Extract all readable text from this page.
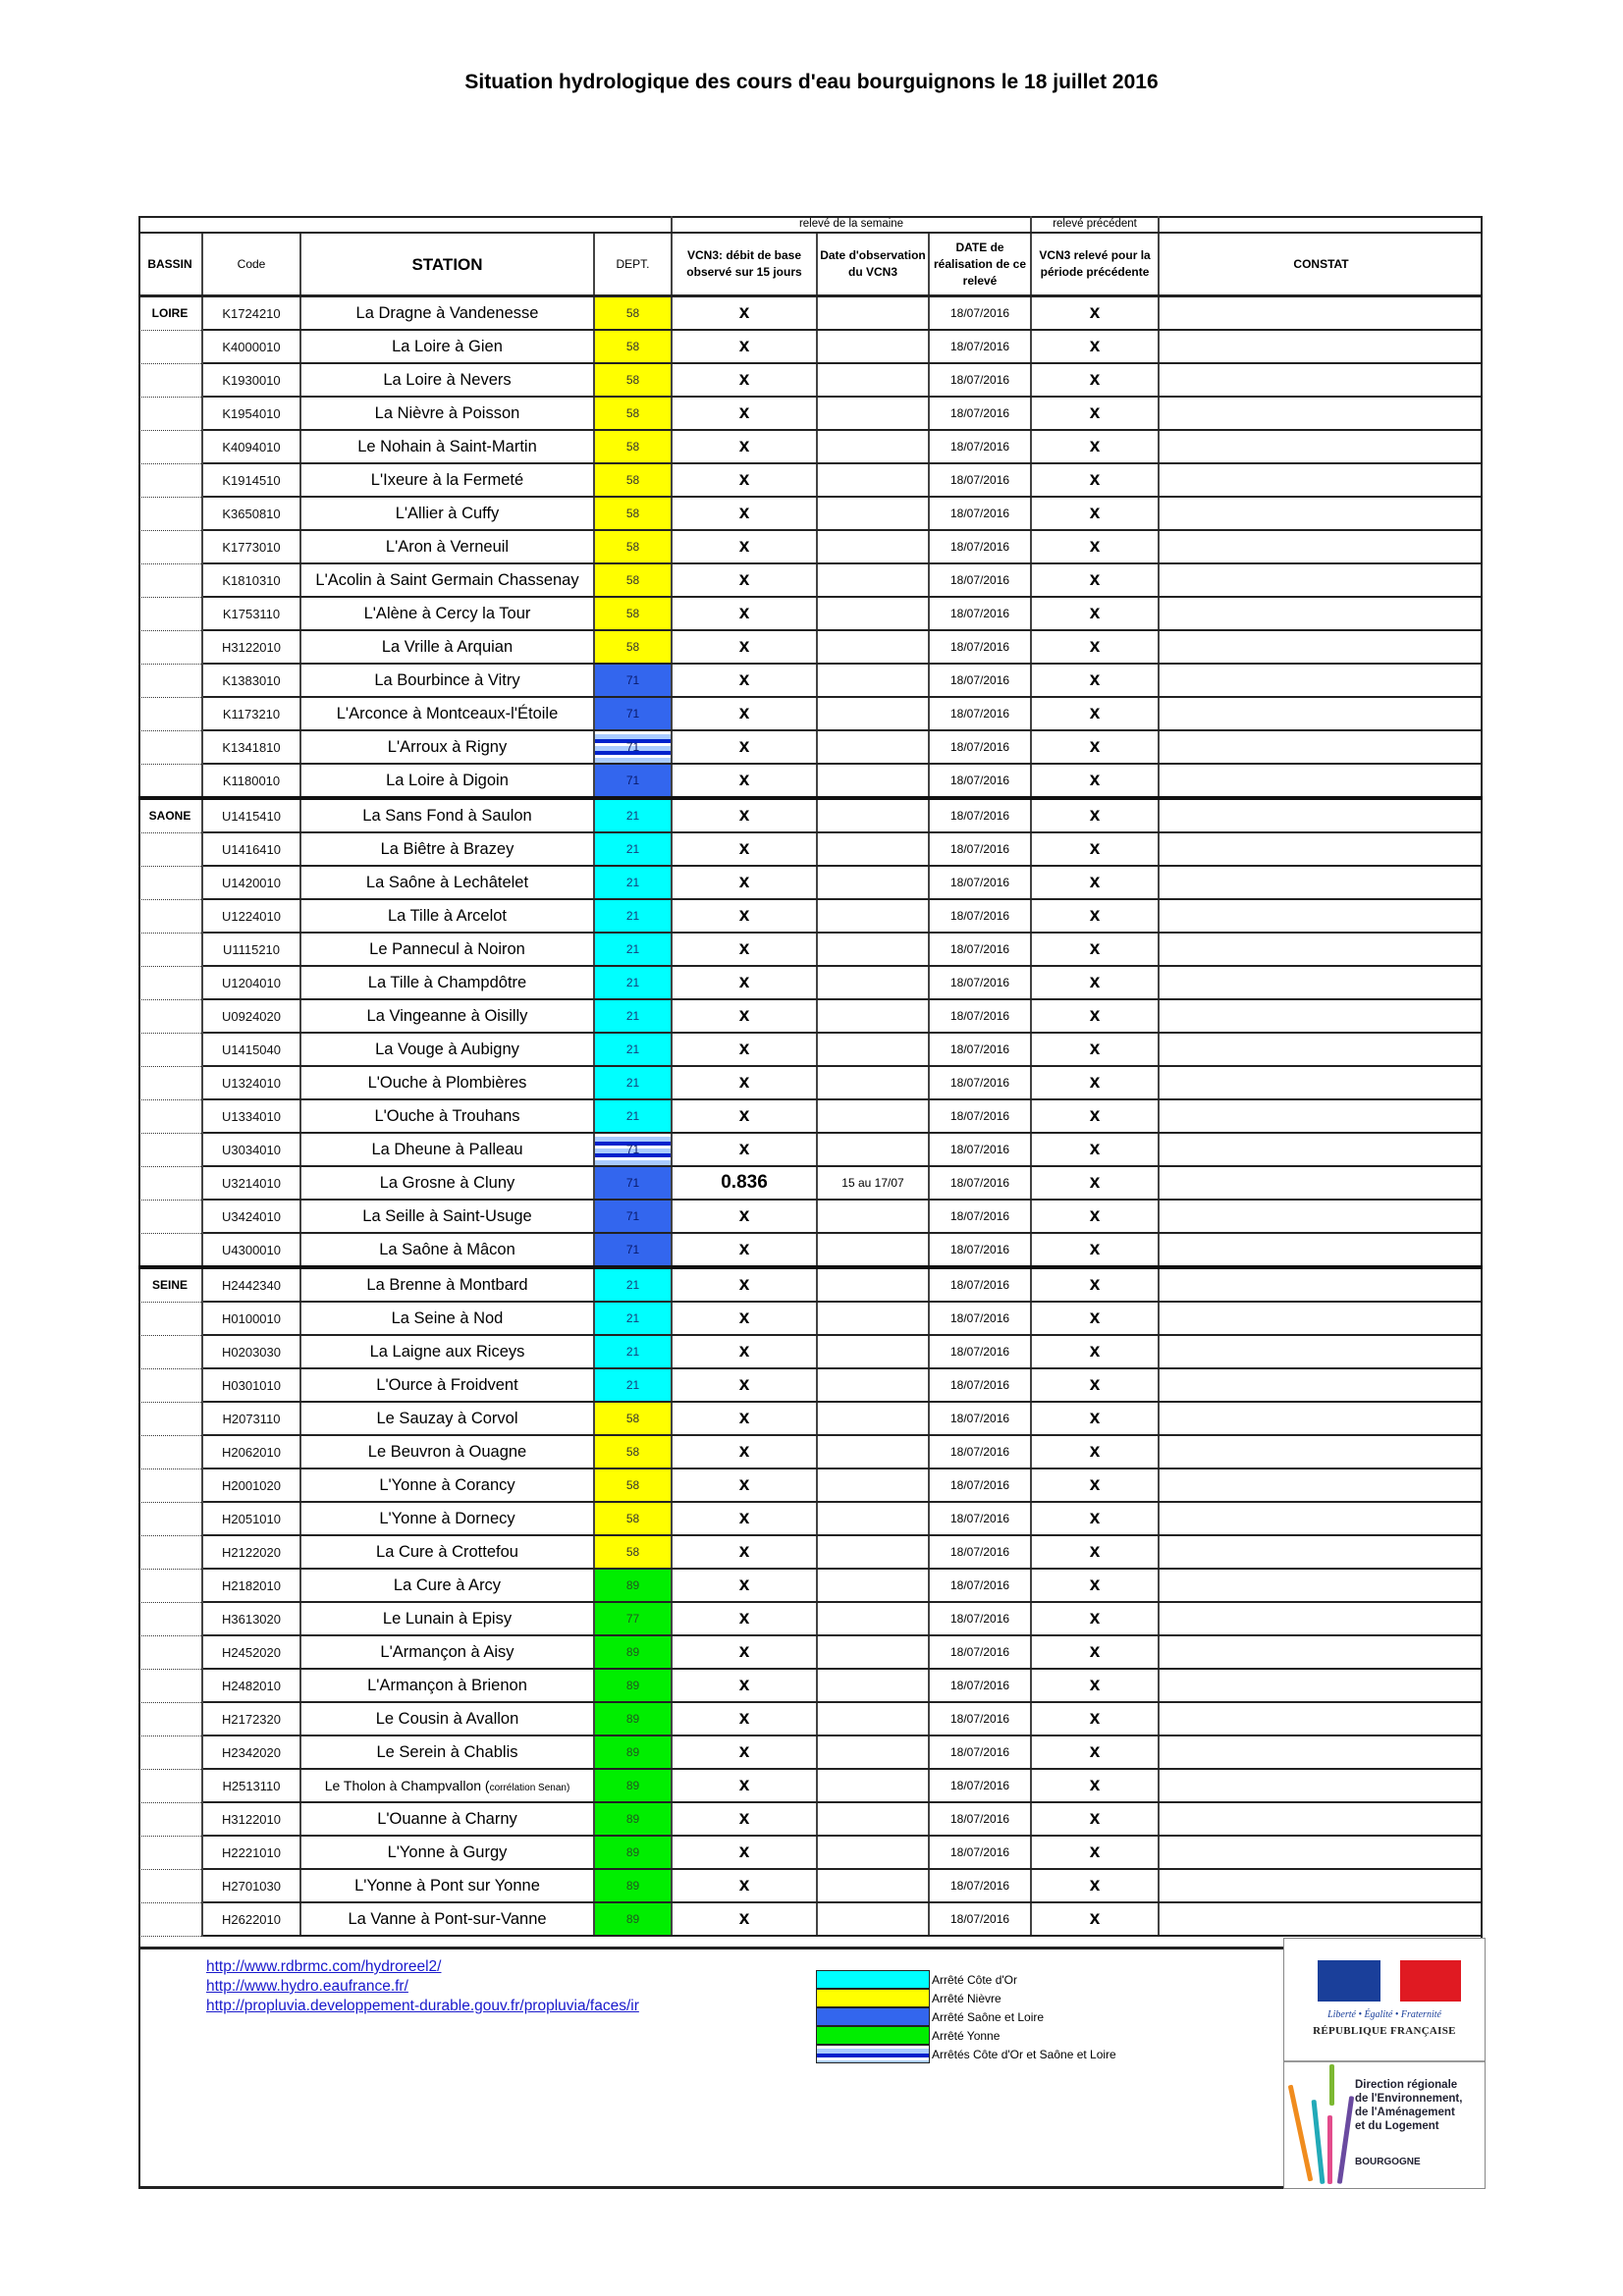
Situation hydrologique des cours d'eau bourguignons le 18 juillet 2016
				relevé de la semaine			relevé précédent	
BASSIN	Code	STATION	DEPT.	VCN3: débit de base observé sur 15 jours	Date d'observation du VCN3	DATE de réalisation de ce relevé	VCN3 relevé pour la période précédente	CONSTAT
LOIRE	K1724210	La Dragne à Vandenesse	58	x		18/07/2016	x	
	K4000010	La Loire à Gien	58	x		18/07/2016	x	
	K1930010	La Loire à Nevers	58	x		18/07/2016	x	
	K1954010	La Nièvre à Poisson	58	x		18/07/2016	x	
	K4094010	Le Nohain à Saint-Martin	58	x		18/07/2016	x	
	K1914510	L'Ixeure à la Fermeté	58	x		18/07/2016	x	
	K3650810	L'Allier à Cuffy	58	x		18/07/2016	x	
	K1773010	L'Aron à Verneuil	58	x		18/07/2016	x	
	K1810310	L'Acolin à Saint Germain Chassenay	58	x		18/07/2016	x	
	K1753110	L'Alène à Cercy la Tour	58	x		18/07/2016	x	
	H3122010	La Vrille à Arquian	58	x		18/07/2016	x	
	K1383010	La Bourbince à Vitry	71	x		18/07/2016	x	
	K1173210	L'Arconce à Montceaux-l'Étoile	71	x		18/07/2016	x	
	K1341810	L'Arroux à Rigny	71	x		18/07/2016	x	
	K1180010	La Loire à Digoin	71	x		18/07/2016	x	
SAONE	U1415410	La Sans Fond à Saulon	21	x		18/07/2016	x	
	U1416410	La Biêtre à Brazey	21	x		18/07/2016	x	
	U1420010	La Saône à Lechâtelet	21	x		18/07/2016	x	
	U1224010	La Tille à Arcelot	21	x		18/07/2016	x	
	U1115210	Le Pannecul à Noiron	21	x		18/07/2016	x	
	U1204010	La Tille à Champdôtre	21	x		18/07/2016	x	
	U0924020	La Vingeanne à Oisilly	21	x		18/07/2016	x	
	U1415040	La Vouge à Aubigny	21	x		18/07/2016	x	
	U1324010	L'Ouche à Plombières	21	x		18/07/2016	x	
	U1334010	L'Ouche à Trouhans	21	x		18/07/2016	x	
	U3034010	La Dheune à Palleau	71	x		18/07/2016	x	
	U3214010	La Grosne à Cluny	71	0.836	15 au 17/07	18/07/2016	x	
	U3424010	La Seille à Saint-Usuge	71	x		18/07/2016	x	
	U4300010	La Saône à Mâcon	71	x		18/07/2016	x	
SEINE	H2442340	La Brenne à Montbard	21	x		18/07/2016	x	
	H0100010	La Seine à Nod	21	x		18/07/2016	x	
	H0203030	La Laigne aux Riceys	21	x		18/07/2016	x	
	H0301010	L'Ource à Froidvent	21	x		18/07/2016	x	
	H2073110	Le Sauzay à Corvol	58	x		18/07/2016	x	
	H2062010	Le Beuvron à Ouagne	58	x		18/07/2016	x	
	H2001020	L'Yonne à Corancy	58	x		18/07/2016	x	
	H2051010	L'Yonne à Dornecy	58	x		18/07/2016	x	
	H2122020	La Cure à Crottefou	58	x		18/07/2016	x	
	H2182010	La Cure à Arcy	89	x		18/07/2016	x	
	H3613020	Le Lunain à Episy	77	x		18/07/2016	x	
	H2452020	L'Armançon à Aisy	89	x		18/07/2016	x	
	H2482010	L'Armançon à Brienon	89	x		18/07/2016	x	
	H2172320	Le Cousin à Avallon	89	x		18/07/2016	x	
	H2342020	Le Serein à Chablis	89	x		18/07/2016	x	
	H2513110	Le Tholon à Champvallon (corrélation Senan)	89	x		18/07/2016	x	
	H3122010	L'Ouanne à Charny	89	x		18/07/2016	x	
	H2221010	L'Yonne à Gurgy	89	x		18/07/2016	x	
	H2701030	L'Yonne à Pont sur Yonne	89	x		18/07/2016	x	
	H2622010	La Vanne à Pont-sur-Vanne	89	x		18/07/2016	x	
http://www.rdbrmc.com/hydroreel2/
http://www.hydro.eaufrance.fr/
http://propluvia.developpement-durable.gouv.fr/propluvia/faces/ir
Arrêté Côte d'Or
Arrêté Nièvre
Arrêté Saône et Loire
Arrêté Yonne
Arrêtés Côte d'Or et Saône et Loire
Liberté • Égalité • Fraternité
RÉPUBLIQUE FRANÇAISE
Direction régionale
de l'Environnement,
de l'Aménagement
et du Logement
BOURGOGNE
